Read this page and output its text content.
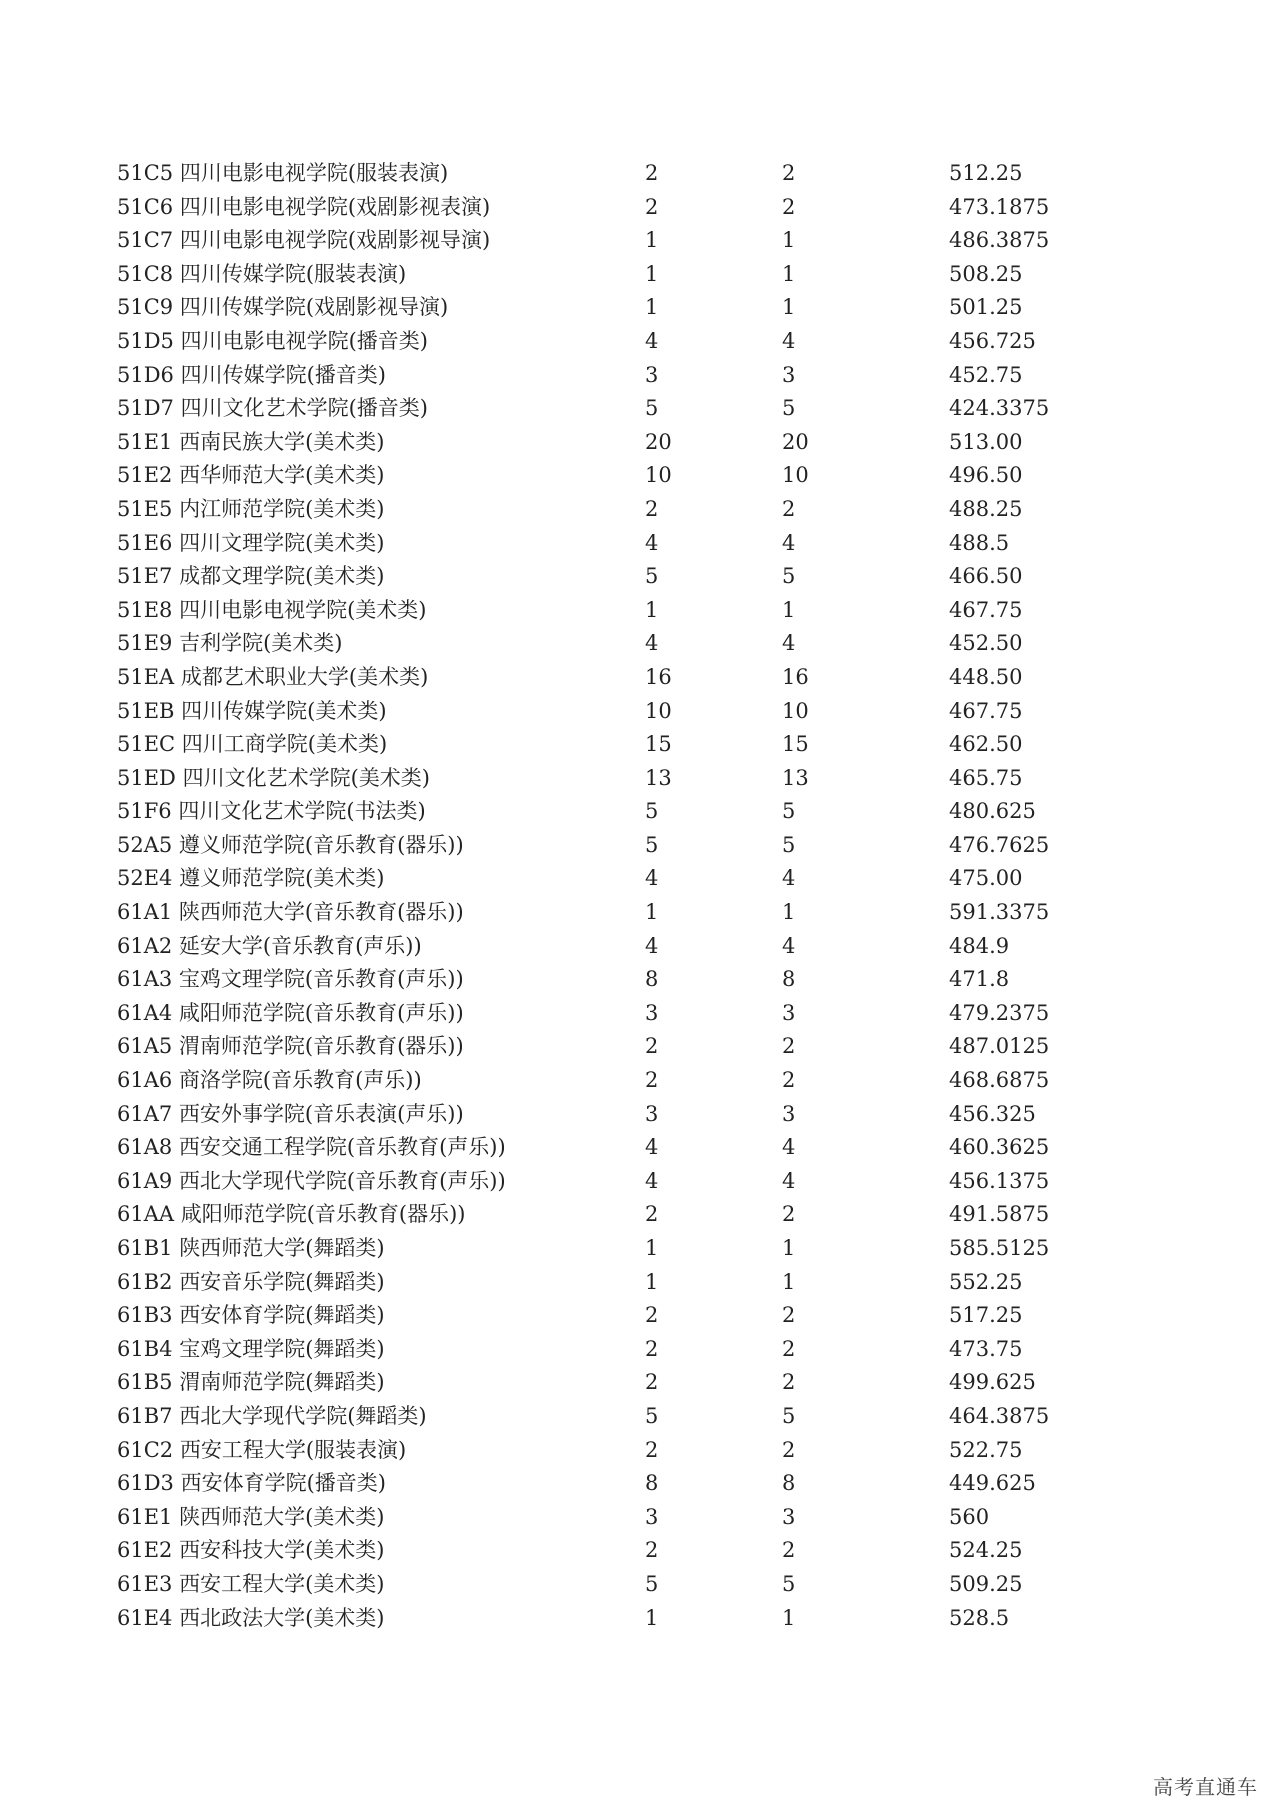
51C5 四川电影电视学院(服装表演)	2	2	512.25
51C6 四川电影电视学院(戏剧影视表演)	2	2	473.1875
51C7 四川电影电视学院(戏剧影视导演)	1	1	486.3875
51C8 四川传媒学院(服装表演)	1	1	508.25
51C9 四川传媒学院(戏剧影视导演)	1	1	501.25
51D5 四川电影电视学院(播音类)	4	4	456.725
51D6 四川传媒学院(播音类)	3	3	452.75
51D7 四川文化艺术学院(播音类)	5	5	424.3375
51E1 西南民族大学(美术类)	20	20	513.00
51E2 西华师范大学(美术类)	10	10	496.50
51E5 内江师范学院(美术类)	2	2	488.25
51E6 四川文理学院(美术类)	4	4	488.5
51E7 成都文理学院(美术类)	5	5	466.50
51E8 四川电影电视学院(美术类)	1	1	467.75
51E9 吉利学院(美术类)	4	4	452.50
51EA 成都艺术职业大学(美术类)	16	16	448.50
51EB 四川传媒学院(美术类)	10	10	467.75
51EC 四川工商学院(美术类)	15	15	462.50
51ED 四川文化艺术学院(美术类)	13	13	465.75
51F6 四川文化艺术学院(书法类)	5	5	480.625
52A5 遵义师范学院(音乐教育(器乐))	5	5	476.7625
52E4 遵义师范学院(美术类)	4	4	475.00
61A1 陕西师范大学(音乐教育(器乐))	1	1	591.3375
61A2 延安大学(音乐教育(声乐))	4	4	484.9
61A3 宝鸡文理学院(音乐教育(声乐))	8	8	471.8
61A4 咸阳师范学院(音乐教育(声乐))	3	3	479.2375
61A5 渭南师范学院(音乐教育(器乐))	2	2	487.0125
61A6 商洛学院(音乐教育(声乐))	2	2	468.6875
61A7 西安外事学院(音乐表演(声乐))	3	3	456.325
61A8 西安交通工程学院(音乐教育(声乐))	4	4	460.3625
61A9 西北大学现代学院(音乐教育(声乐))	4	4	456.1375
61AA 咸阳师范学院(音乐教育(器乐))	2	2	491.5875
61B1 陕西师范大学(舞蹈类)	1	1	585.5125
61B2 西安音乐学院(舞蹈类)	1	1	552.25
61B3 西安体育学院(舞蹈类)	2	2	517.25
61B4 宝鸡文理学院(舞蹈类)	2	2	473.75
61B5 渭南师范学院(舞蹈类)	2	2	499.625
61B7 西北大学现代学院(舞蹈类)	5	5	464.3875
61C2 西安工程大学(服装表演)	2	2	522.75
61D3 西安体育学院(播音类)	8	8	449.625
61E1 陕西师范大学(美术类)	3	3	560
61E2 西安科技大学(美术类)	2	2	524.25
61E3 西安工程大学(美术类)	5	5	509.25
61E4 西北政法大学(美术类)	1	1	528.5
高考直通车
